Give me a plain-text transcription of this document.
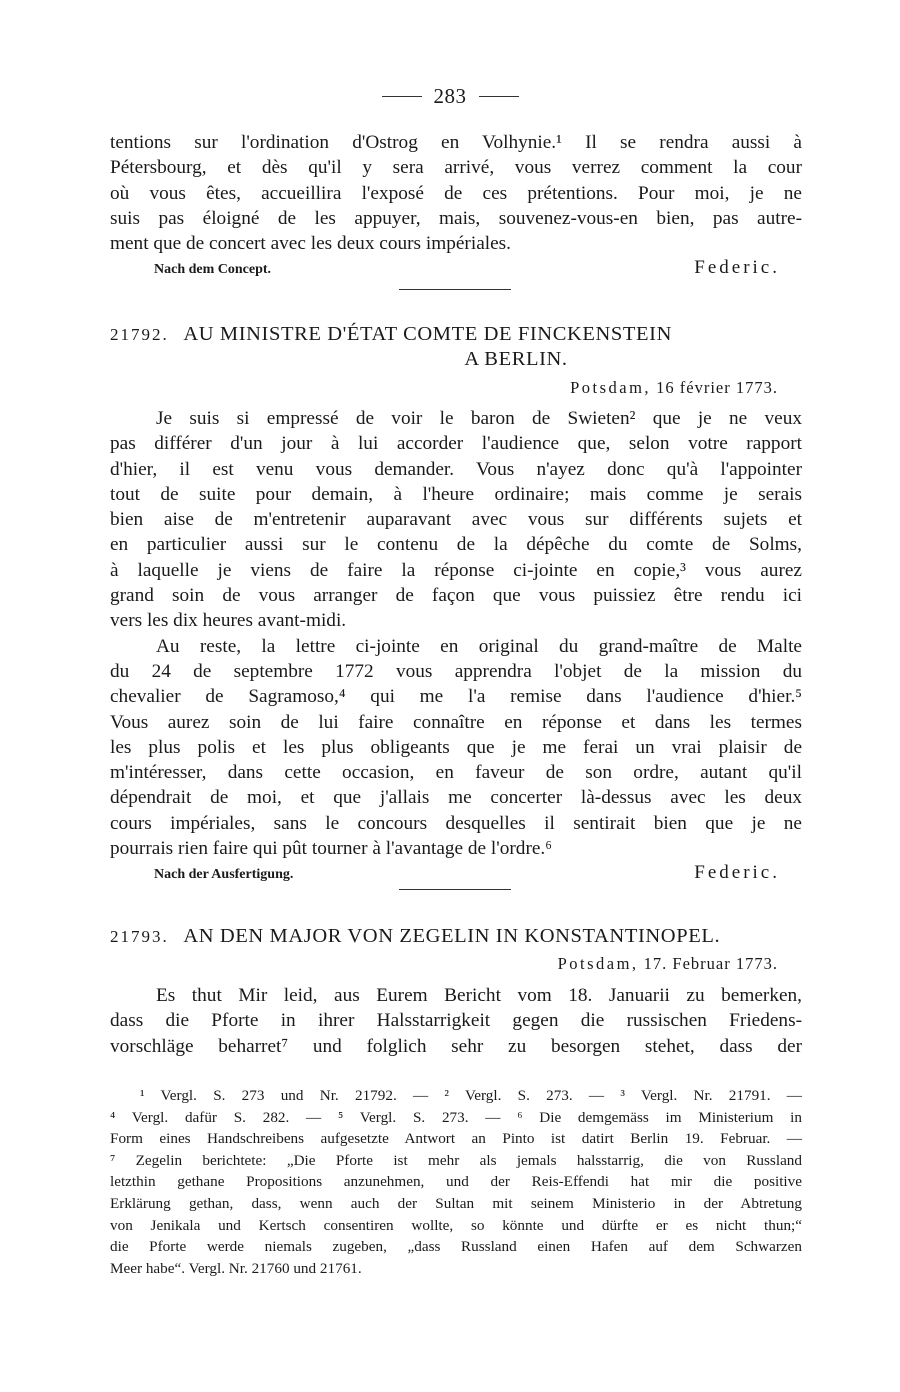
283
tentions sur l'ordination d'Ostrog en Volhynie.¹ Il se rendra aussi à
Pétersbourg, et dès qu'il y sera arrivé, vous verrez comment la cour
où vous êtes, accueillira l'exposé de ces prétentions. Pour moi, je ne
suis pas éloigné de les appuyer, mais, souvenez-vous-en bien, pas autre-
ment que de concert avec les deux cours impériales.
Nach dem Concept.	Federic.
21792. AU MINISTRE D'ÉTAT COMTE DE FINCKENSTEIN
A BERLIN.
Potsdam, 16 février 1773.
Je suis si empressé de voir le baron de Swieten² que je ne veux
pas différer d'un jour à lui accorder l'audience que, selon votre rapport
d'hier, il est venu vous demander. Vous n'ayez donc qu'à l'appointer
tout de suite pour demain, à l'heure ordinaire; mais comme je serais
bien aise de m'entretenir auparavant avec vous sur différents sujets et
en particulier aussi sur le contenu de la dépêche du comte de Solms,
à laquelle je viens de faire la réponse ci-jointe en copie,³ vous aurez
grand soin de vous arranger de façon que vous puissiez être rendu ici
vers les dix heures avant-midi.
Au reste, la lettre ci-jointe en original du grand-maître de Malte
du 24 de septembre 1772 vous apprendra l'objet de la mission du
chevalier de Sagramoso,⁴ qui me l'a remise dans l'audience d'hier.⁵
Vous aurez soin de lui faire connaître en réponse et dans les termes
les plus polis et les plus obligeants que je me ferai un vrai plaisir de
m'intéresser, dans cette occasion, en faveur de son ordre, autant qu'il
dépendrait de moi, et que j'allais me concerter là-dessus avec les deux
cours impériales, sans le concours desquelles il sentirait bien que je ne
pourrais rien faire qui pût tourner à l'avantage de l'ordre.⁶
Nach der Ausfertigung.	Federic.
21793. AN DEN MAJOR VON ZEGELIN IN KONSTANTINOPEL.
Potsdam, 17. Februar 1773.
Es thut Mir leid, aus Eurem Bericht vom 18. Januarii zu bemerken,
dass die Pforte in ihrer Halsstarrigkeit gegen die russischen Friedens-
vorschläge beharret⁷ und folglich sehr zu besorgen stehet, dass der
¹ Vergl. S. 273 und Nr. 21792. — ² Vergl. S. 273. — ³ Vergl. Nr. 21791. —
⁴ Vergl. dafür S. 282. — ⁵ Vergl. S. 273. — ⁶ Die demgemäss im Ministerium in
Form eines Handschreibens aufgesetzte Antwort an Pinto ist datirt Berlin 19. Februar. —
⁷ Zegelin berichtete: „Die Pforte ist mehr als jemals halsstarrig, die von Russland
letzthin gethane Propositions anzunehmen, und der Reis-Effendi hat mir die positive
Erklärung gethan, dass, wenn auch der Sultan mit seinem Ministerio in der Abtretung
von Jenikala und Kertsch consentiren wollte, so könnte und dürfte er es nicht thun;“
die Pforte werde niemals zugeben, „dass Russland einen Hafen auf dem Schwarzen
Meer habe“. Vergl. Nr. 21760 und 21761.
